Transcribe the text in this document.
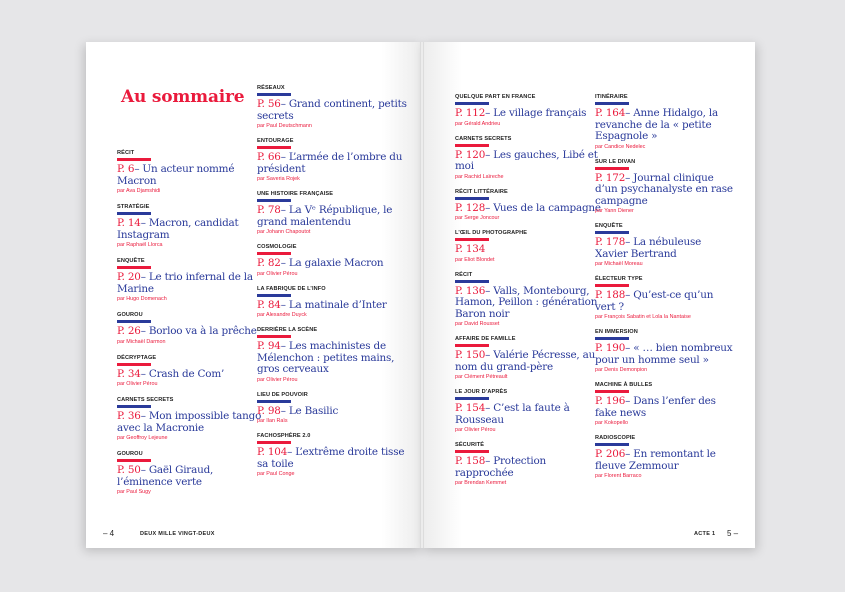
Au sommaire
RÉCIT
P. 6– Un acteur nommé Macron
par Ava Djamshidi
STRATÉGIE
P. 14– Macron, candidat Instagram
par Raphaël Llorca
ENQUÊTE
P. 20– Le trio infernal de la Marine
par Hugo Domenach
GOUROU
P. 26– Borloo va à la prêche
par Michaël Darmon
DÉCRYPTAGE
P. 34– Crash de Com’
par Olivier Pérou
CARNETS SECRETS
P. 36– Mon impossible tango avec la Macronie
par Geoffroy Lejeune
GOUROU
P. 50– Gaël Giraud, l’éminence verte
par Paul Sugy
RÉSEAUX
P. 56– Grand continent, petits secrets
par Paul Deutschmann
ENTOURAGE
P. 66– L’armée de l’ombre du président
par Saveria Rojek
UNE HISTOIRE FRANÇAISE
P. 78– La Vᵉ République, le grand malentendu
par Johann Chapoutot
COSMOLOGIE
P. 82– La galaxie Macron
par Olivier Pérou
LA FABRIQUE DE L’INFO
P. 84– La matinale d’Inter
par Alexandre Duyck
DERRIÈRE LA SCÈNE
P. 94– Les machinistes de Mélenchon : petites mains, gros cerveaux
par Olivier Pérou
LIEU DE POUVOIR
P. 98– Le Basilic
par Ilan Raïs
FACHOSPHÈRE 2.0
P. 104– L’extrême droite tisse sa toile
par Paul Conge
QUELQUE PART EN FRANCE
P. 112– Le village français
par Gérald Andrieu
CARNETS SECRETS
P. 120– Les gauches, Libé et moi
par Rachid Laïreche
RÉCIT LITTÉRAIRE
P. 128– Vues de la campagne
par Serge Joncour
L’ŒIL DU PHOTOGRAPHE
P. 134
par Eliot Blondet
RÉCIT
P. 136– Valls, Montebourg, Hamon, Peillon : génération Baron noir
par David Rousset
AFFAIRE DE FAMILLE
P. 150– Valérie Pécresse, au nom du grand-père
par Clément Pétreault
LE JOUR D’APRÈS
P. 154– C’est la faute à Rousseau
par Olivier Pérou
SÉCURITÉ
P. 158– Protection rapprochée
par Brendan Kemmet
ITINÉRAIRE
P. 164– Anne Hidalgo, la revanche de la « petite Espagnole »
par Candice Nedelec
SUR LE DIVAN
P. 172– Journal clinique d’un psychanalyste en rase campagne
par Yann Diener
ENQUÊTE
P. 178– La nébuleuse Xavier Bertrand
par Michaël Moreau
ÉLECTEUR TYPE
P. 188– Qu’est-ce qu’un vert ?
par François Sabatin et Lola la Nantaise
EN IMMERSION
P. 190– « … bien nombreux pour un homme seul »
par Denis Demonpion
MACHINE À BULLES
P. 196– Dans l’enfer des fake news
par Kokopello
RADIOSCOPIE
P. 206– En remontant le fleuve Zemmour
par Florent Barraco
– 4	DEUX MILLE VINGT-DEUX	ACTE 1 5 –
